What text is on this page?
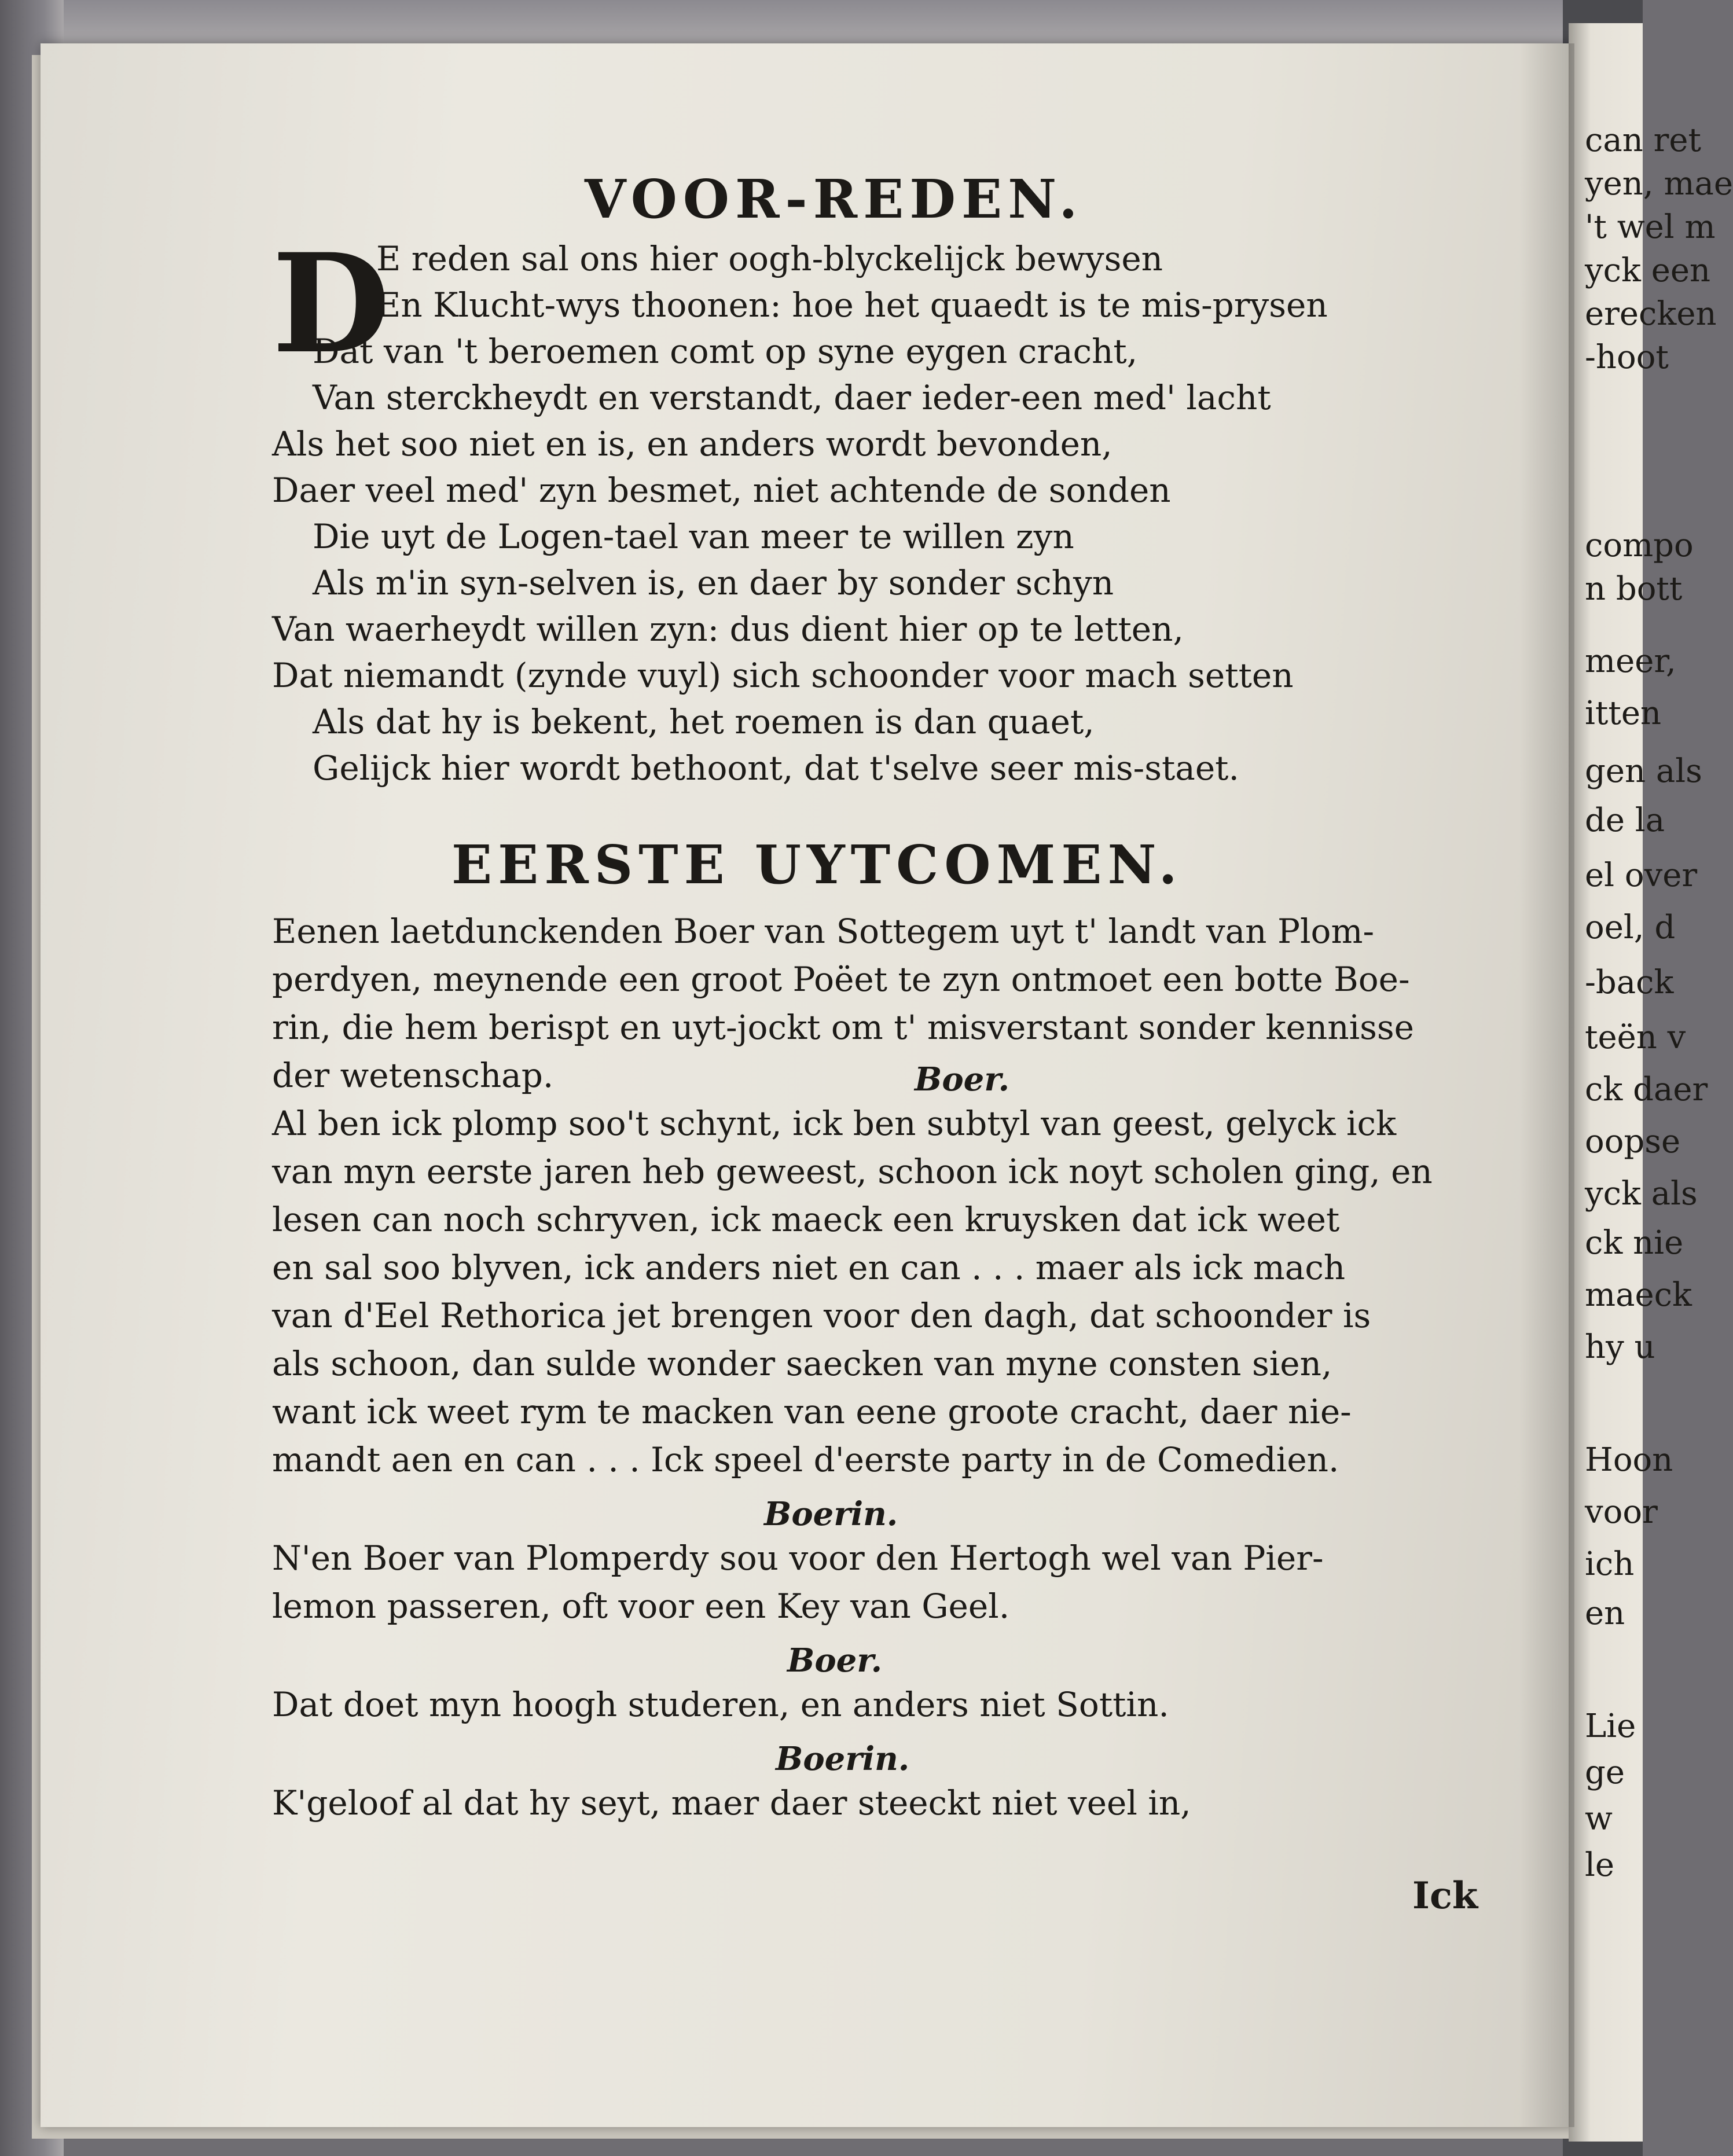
can ret
yen, mae
't wel m
yck een
erecken
-hoot
compo
n bott
meer,
itten
gen als
de la
el over
oel, d
-back
teën v
ck daer
oopse
yck als
ck nie
maeck
hy u
Hoon
voor
ich
en
Lie
ge
w
le
VOOR-REDEN.
D
E reden sal ons hier oogh-blyckelijck bewysen
En Klucht-wys thoonen: hoe het quaedt is te mis-prysen
Dat van 't beroemen comt op syne eygen cracht,
Van sterckheydt en verstandt, daer ieder-een med' lacht
Als het soo niet en is, en anders wordt bevonden,
Daer veel med' zyn besmet, niet achtende de sonden
Die uyt de Logen-tael van meer te willen zyn
Als m'in syn-selven is, en daer by sonder schyn
Van waerheydt willen zyn: dus dient hier op te letten,
Dat niemandt (zynde vuyl) sich schoonder voor mach setten
Als dat hy is bekent, het roemen is dan quaet,
Gelijck hier wordt bethoont, dat t'selve seer mis-staet.
EERSTE UYTCOMEN.
Eenen laetdunckenden Boer van Sottegem uyt t' landt van Plom-
perdyen, meynende een groot Poëet te zyn ontmoet een botte Boe-
rin, die hem berispt en uyt-jockt om t' misverstant sonder kennisse
der wetenschap.	Boer.
Al ben ick plomp soo't schynt, ick ben subtyl van geest, gelyck ick
van myn eerste jaren heb geweest, schoon ick noyt scholen ging, en
lesen can noch schryven, ick maeck een kruysken dat ick weet
en sal soo blyven, ick anders niet en can . . . maer als ick mach
van d'Eel Rethorica jet brengen voor den dagh, dat schoonder is
als schoon, dan sulde wonder saecken van myne consten sien,
want ick weet rym te macken van eene groote cracht, daer nie-
mandt aen en can . . . Ick speel d'eerste party in de Comedien.
Boerin.
N'en Boer van Plomperdy sou voor den Hertogh wel van Pier-
lemon passeren, oft voor een Key van Geel.
Boer.
Dat doet myn hoogh studeren, en anders niet Sottin.
Boerin.
K'geloof al dat hy seyt, maer daer steeckt niet veel in,
Ick
